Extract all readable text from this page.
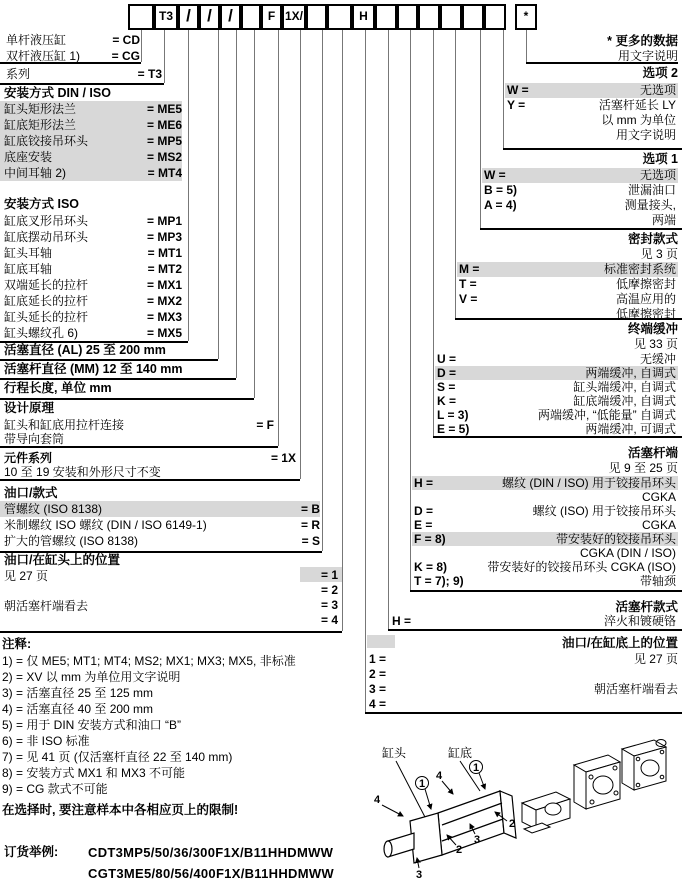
T3 / / /	F 1X/	H	*
单杆液压缸	= CD
双杆液压缸 1)	= CG
系列	= T3
安装方式 DIN / ISO
缸头矩形法兰	= ME5
缸底矩形法兰	= ME6
缸底铰接吊环头	= MP5
底座安装	= MS2
中间耳轴 2)	= MT4
安装方式 ISO
缸底叉形吊环头	= MP1
缸底摆动吊环头	= MP3
缸头耳轴	= MT1
缸底耳轴	= MT2
双端延长的拉杆	= MX1
缸底延长的拉杆	= MX2
缸头延长的拉杆	= MX3
缸头螺纹孔 6)	= MX5
活塞直径 (AL) 25 至 200 mm
活塞杆直径 (MM) 12 至 140 mm
行程长度, 单位 mm
设计原理
缸头和缸底用拉杆连接	= F
带导向套筒
元件系列	= 1X
10 至 19 安装和外形尺寸不变
油口/款式
管螺纹 (ISO 8138)	= B
米制螺纹 ISO 螺纹 (DIN / ISO 6149-1)	= R
扩大的管螺纹 (ISO 8138)	= S
油口/在缸头上的位置
见 27 页
朝活塞杆端看去
= 1
= 2
= 3
= 4
* 更多的数据
用文字说明
选项 2
W =	无选项
Y =	活塞杆延长 LY
以 mm 为单位
用文字说明
选项 1
W =	无选项
B = 5)	泄漏油口
A = 4)	测量接头,
两端
密封款式
见 3 页
M =	标准密封系统
T =	低摩擦密封
V =	高温应用的
低摩擦密封
终端缓冲
见 33 页
U =	无缓冲
D =	两端缓冲, 自调式
S =	缸头端缓冲, 自调式
K =	缸底端缓冲, 自调式
L = 3)	两端缓冲, “低能量” 自调式
E = 5)	两端缓冲, 可调式
活塞杆端
见 9 至 25 页
H =	螺纹 (DIN / ISO) 用于铰接吊环头
CGKA
D =	螺纹 (ISO) 用于铰接吊环头
E =	CGKA
F = 8)	带安装好的铰接吊环头
CGKA (DIN / ISO)
K = 8)	带安装好的铰接吊环头 CGKA (ISO)
T = 7); 9)	带轴颈
活塞杆款式
H =	淬火和镀硬铬
油口/在缸底上的位置
见 27 页
朝活塞杆端看去
1 =
2 =
3 =
4 =
注释:
1) = 仅 ME5; MT1; MT4; MS2; MX1; MX3; MX5, 非标准
2) = XV 以 mm 为单位用文字说明
3) = 活塞直径 25 至 125 mm
4) = 活塞直径 40 至 200 mm
5) = 用于 DIN 安装方式和油口 “B”
6) = 非 ISO 标准
7) = 见 41 页 (仅活塞杆直径 22 至 140 mm)
8) = 安装方式 MX1 和 MX3 不可能
9) = CG 款式不可能
在选择时, 要注意样本中各相应页上的限制!
订货举例: CDT3MP5/50/36/300F1X/B11HHDMWW
CGT3ME5/80/56/400F1X/B11HHDMWW
缸头	缸底
1
1
2
2
3
3
4
4
